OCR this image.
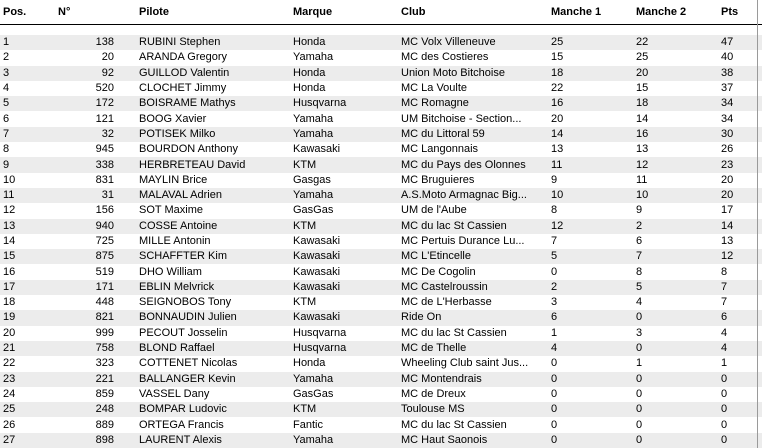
Pos.	N°	Pilote	Marque	Club	Manche 1	Manche 2	Pts

1	138	RUBINI Stephen	Honda	MC Volx Villeneuve	25	22	47
2	20	ARANDA Gregory	Yamaha	MC des Costieres	15	25	40
3	92	GUILLOD Valentin	Honda	Union Moto Bitchoise	18	20	38
4	520	CLOCHET Jimmy	Honda	MC La Voulte	22	15	37
5	172	BOISRAME Mathys	Husqvarna	MC Romagne	16	18	34
6	121	BOOG Xavier	Yamaha	UM Bitchoise - Section...	20	14	34
7	32	POTISEK Milko	Yamaha	MC du Littoral 59	14	16	30
8	945	BOURDON Anthony	Kawasaki	MC Langonnais	13	13	26
9	338	HERBRETEAU David	KTM	MC du Pays des Olonnes	11	12	23
10	831	MAYLIN Brice	Gasgas	MC Bruguieres	9	11	20
11	31	MALAVAL Adrien	Yamaha	A.S.Moto Armagnac Big...	10	10	20
12	156	SOT Maxime	GasGas	UM de l'Aube	8	9	17
13	940	COSSE Antoine	KTM	MC du lac St Cassien	12	2	14
14	725	MILLE Antonin	Kawasaki	MC Pertuis Durance Lu...	7	6	13
15	875	SCHAFFTER Kim	Kawasaki	MC L'Etincelle	5	7	12
16	519	DHO William	Kawasaki	MC De Cogolin	0	8	8
17	171	EBLIN Melvrick	Kawasaki	MC Castelroussin	2	5	7
18	448	SEIGNOBOS Tony	KTM	MC de L'Herbasse	3	4	7
19	821	BONNAUDIN Julien	Kawasaki	Ride On	6	0	6
20	999	PECOUT Josselin	Husqvarna	MC du lac St Cassien	1	3	4
21	758	BLOND Raffael	Husqvarna	MC de Thelle	4	0	4
22	323	COTTENET Nicolas	Honda	Wheeling Club saint Jus...	0	1	1
23	221	BALLANGER Kevin	Yamaha	MC Montendrais	0	0	0
24	859	VASSEL Dany	GasGas	MC de Dreux	0	0	0
25	248	BOMPAR Ludovic	KTM	Toulouse MS	0	0	0
26	889	ORTEGA Francis	Fantic	MC du lac St Cassien	0	0	0
27	898	LAURENT Alexis	Yamaha	MC Haut Saonois	0	0	0
